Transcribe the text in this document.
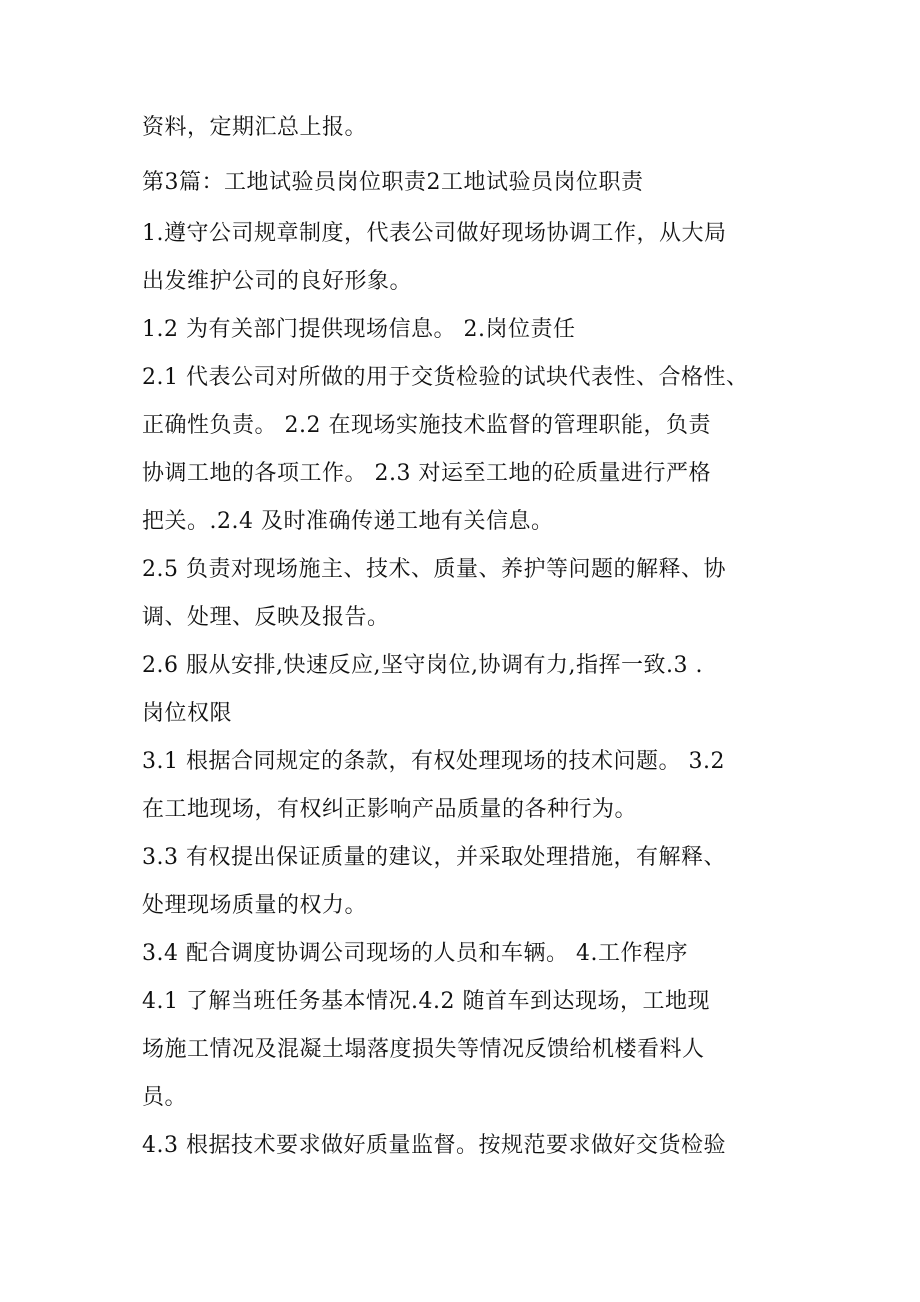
资料，定期汇总上报。
第3篇：工地试验员岗位职责2工地试验员岗位职责
1.遵守公司规章制度，代表公司做好现场协调工作，从大局
出发维护公司的良好形象。
1.2 为有关部门提供现场信息。 2.岗位责任
2.1 代表公司对所做的用于交货检验的试块代表性、合格性、
正确性负责。 2.2 在现场实施技术监督的管理职能，负责
协调工地的各项工作。 2.3 对运至工地的砼质量进行严格
把关。.2.4 及时准确传递工地有关信息。
2.5 负责对现场施主、技术、质量、养护等问题的解释、协
调、处理、反映及报告。
2.6 服从安排,快速反应,坚守岗位,协调有力,指挥一致.3 .
岗位权限
3.1 根据合同规定的条款，有权处理现场的技术问题。 3.2
在工地现场，有权纠正影响产品质量的各种行为。
3.3 有权提出保证质量的建议，并采取处理措施，有解释、
处理现场质量的权力。
3.4 配合调度协调公司现场的人员和车辆。 4.工作程序
4.1 了解当班任务基本情况.4.2 随首车到达现场，工地现
场施工情况及混凝土塌落度损失等情况反馈给机楼看料人
员。
4.3 根据技术要求做好质量监督。按规范要求做好交货检验
